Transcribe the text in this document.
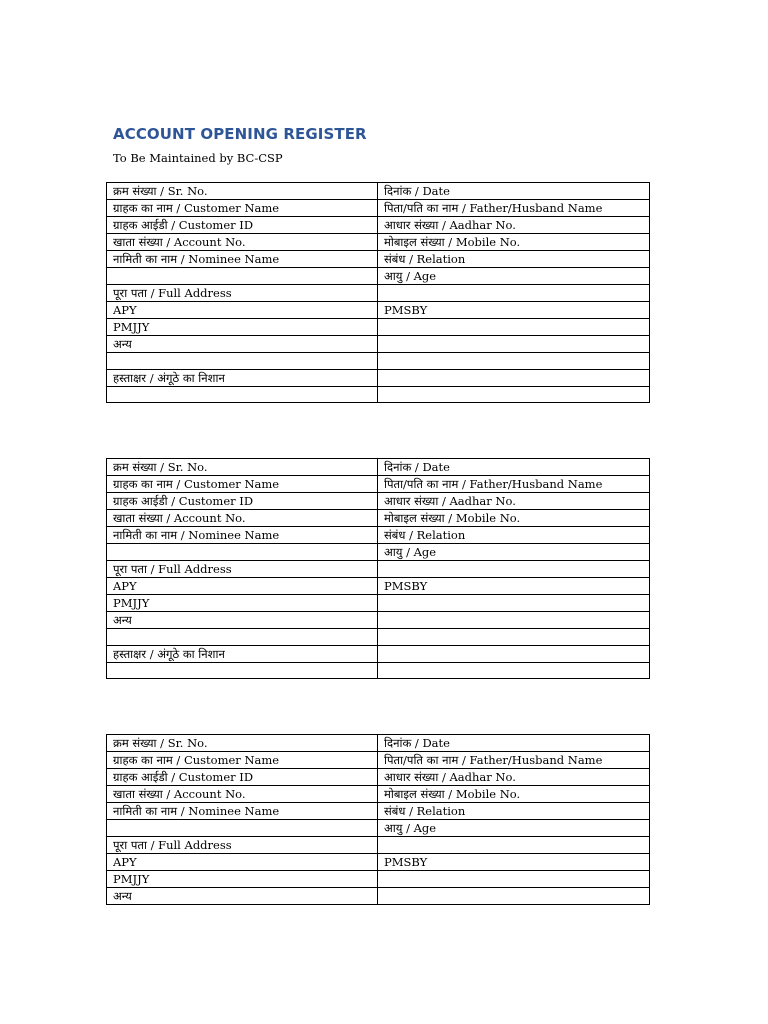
ACCOUNT OPENING REGISTER

To Be Maintained by BC-CSP

क्रम संख्या / Sr. No.	दिनांक / Date
ग्राहक का नाम / Customer Name	पिता/पति का नाम / Father/Husband Name
ग्राहक आईडी / Customer ID	आधार संख्या / Aadhar No.
खाता संख्या / Account No.	मोबाइल संख्या / Mobile No.
नामिती का नाम / Nominee Name	संबंध / Relation
	आयु / Age
पूरा पता / Full Address	
APY	PMSBY
PMJJY	
अन्य	

हस्ताक्षर / अंगूठे का निशान	

क्रम संख्या / Sr. No.	दिनांक / Date
ग्राहक का नाम / Customer Name	पिता/पति का नाम / Father/Husband Name
ग्राहक आईडी / Customer ID	आधार संख्या / Aadhar No.
खाता संख्या / Account No.	मोबाइल संख्या / Mobile No.
नामिती का नाम / Nominee Name	संबंध / Relation
	आयु / Age
पूरा पता / Full Address	
APY	PMSBY
PMJJY	
अन्य	

हस्ताक्षर / अंगूठे का निशान	

क्रम संख्या / Sr. No.	दिनांक / Date
ग्राहक का नाम / Customer Name	पिता/पति का नाम / Father/Husband Name
ग्राहक आईडी / Customer ID	आधार संख्या / Aadhar No.
खाता संख्या / Account No.	मोबाइल संख्या / Mobile No.
नामिती का नाम / Nominee Name	संबंध / Relation
	आयु / Age
पूरा पता / Full Address	
APY	PMSBY
PMJJY	
अन्य	
